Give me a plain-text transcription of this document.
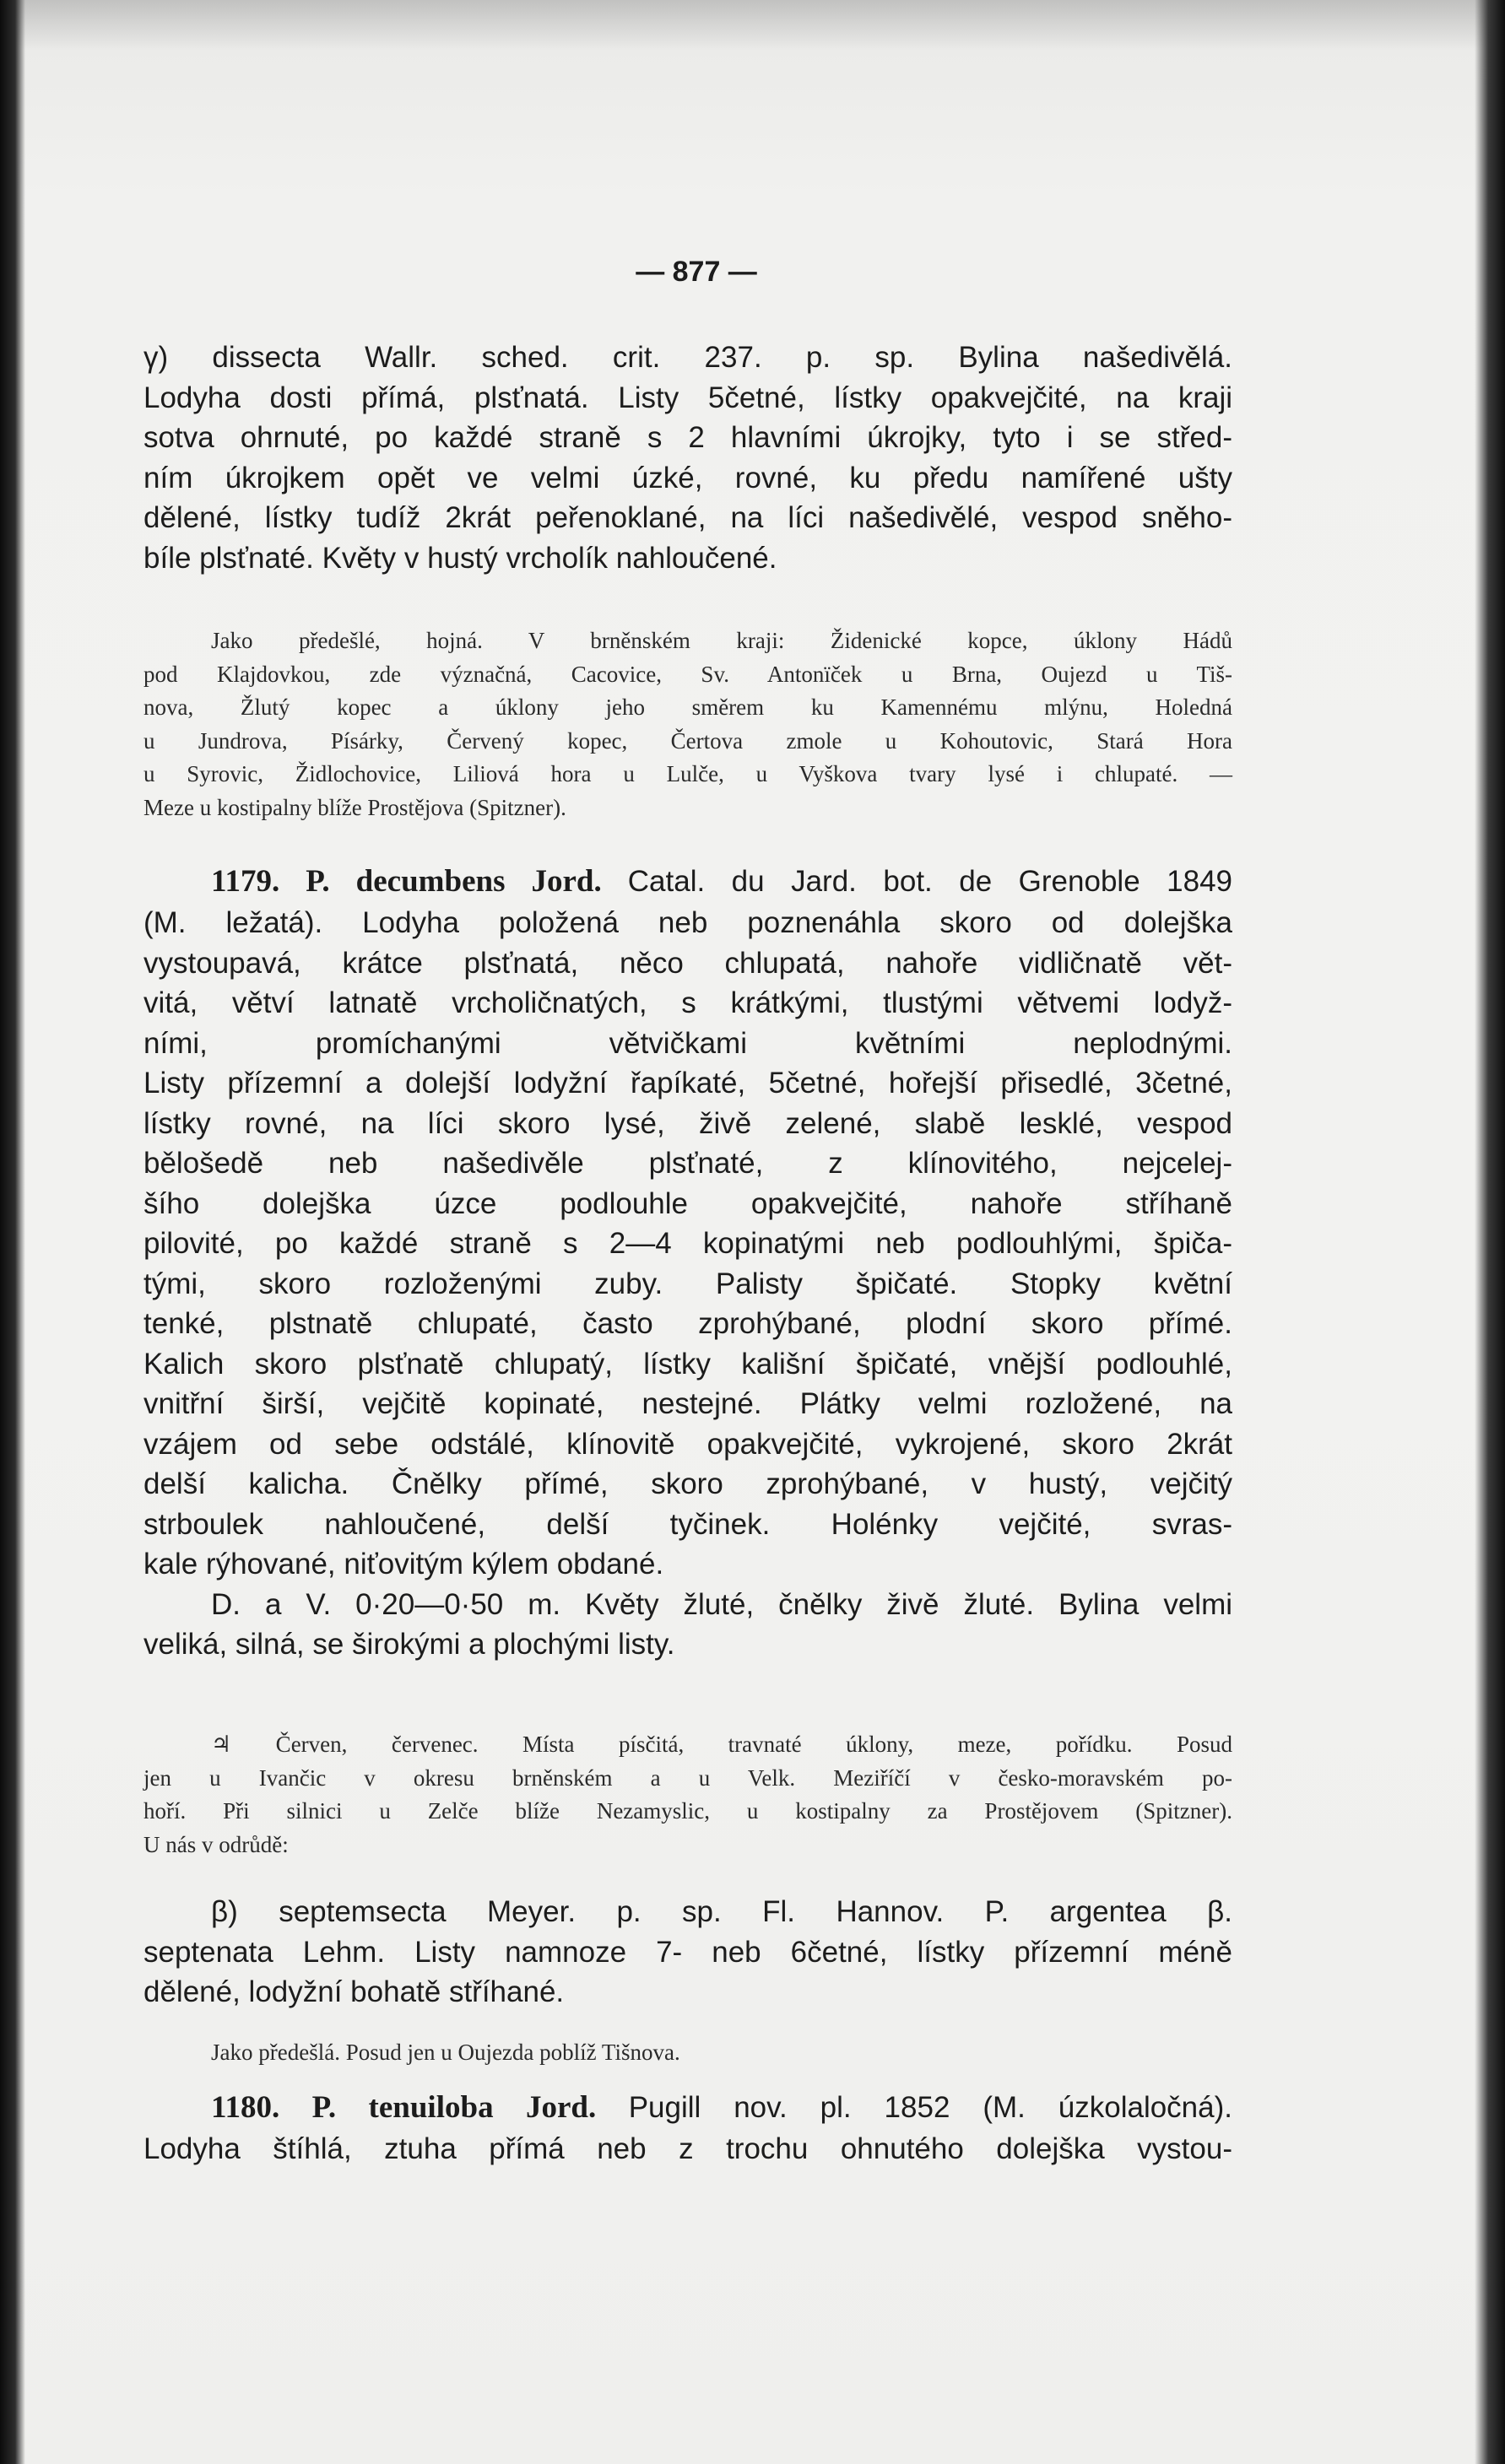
— 877 —
γ) dissecta Wallr. sched. crit. 237. p. sp. Bylina našedivělá.
Lodyha dosti přímá, plsťnatá. Listy 5četné, lístky opakvejčité, na kraji
sotva ohrnuté, po každé straně s 2 hlavními úkrojky, tyto i se střed-
ním úkrojkem opět ve velmi úzké, rovné, ku předu namířené ušty
dělené, lístky tudíž 2krát peřenoklané, na líci našedivělé, vespod sněho-
bíle plsťnaté. Květy v hustý vrcholík nahloučené.
Jako předešlé, hojná. V brněnském kraji: Židenické kopce, úklony Hádů
pod Klajdovkou, zde význačná, Cacovice, Sv. Antonïček u Brna, Oujezd u Tiš-
nova, Žlutý kopec a úklony jeho směrem ku Kamennému mlýnu, Holedná
u Jundrova, Písárky, Červený kopec, Čertova zmole u Kohoutovic, Stará Hora
u Syrovic, Židlochovice, Liliová hora u Lulče, u Vyškova tvary lysé i chlupaté. —
Meze u kostipalny blíže Prostějova (Spitzner).
1179. P. decumbens Jord. Catal. du Jard. bot. de Grenoble 1849
(M. ležatá). Lodyha položená neb poznenáhla skoro od dolejška
vystoupavá, krátce plsťnatá, něco chlupatá, nahoře vidličnatě vět-
vitá, větví latnatě vrcholičnatých, s krátkými, tlustými větvemi lodyž-
ními, promíchanými větvičkami květními neplodnými.
Listy přízemní a dolejší lodyžní řapíkaté, 5četné, hořejší přisedlé, 3četné,
lístky rovné, na líci skoro lysé, živě zelené, slabě lesklé, vespod
bělošedě neb našedivěle plsťnaté, z klínovitého, nejcelej-
šího dolejška úzce podlouhle opakvejčité, nahoře stříhaně
pilovité, po každé straně s 2—4 kopinatými neb podlouhlými, špiča-
tými, skoro rozloženými zuby. Palisty špičaté. Stopky květní
tenké, plstnatě chlupaté, často zprohýbané, plodní skoro přímé.
Kalich skoro plsťnatě chlupatý, lístky kališní špičaté, vnější podlouhlé,
vnitřní širší, vejčitě kopinaté, nestejné. Plátky velmi rozložené, na
vzájem od sebe odstálé, klínovitě opakvejčité, vykrojené, skoro 2krát
delší kalicha. Čnělky přímé, skoro zprohýbané, v hustý, vejčitý
strboulek nahloučené, delší tyčinek. Holénky vejčité, svras-
kale rýhované, niťovitým kýlem obdané.
D. a V. 0·20—0·50 m. Květy žluté, čnělky živě žluté. Bylina velmi
veliká, silná, se širokými a plochými listy.
♃ Červen, červenec. Místa písčitá, travnaté úklony, meze, pořídku. Posud
jen u Ivančic v okresu brněnském a u Velk. Meziříčí v česko-moravském po-
hoří. Při silnici u Zelče blíže Nezamyslic, u kostipalny za Prostějovem (Spitzner).
U nás v odrůdě:
β) septemsecta Meyer. p. sp. Fl. Hannov. P. argentea β.
septenata Lehm. Listy namnoze 7- neb 6četné, lístky přízemní méně
dělené, lodyžní bohatě stříhané.
Jako předešlá. Posud jen u Oujezda poblíž Tišnova.
1180. P. tenuiloba Jord. Pugill nov. pl. 1852 (M. úzkolaločná).
Lodyha štíhlá, ztuha přímá neb z trochu ohnutého dolejška vystou-
